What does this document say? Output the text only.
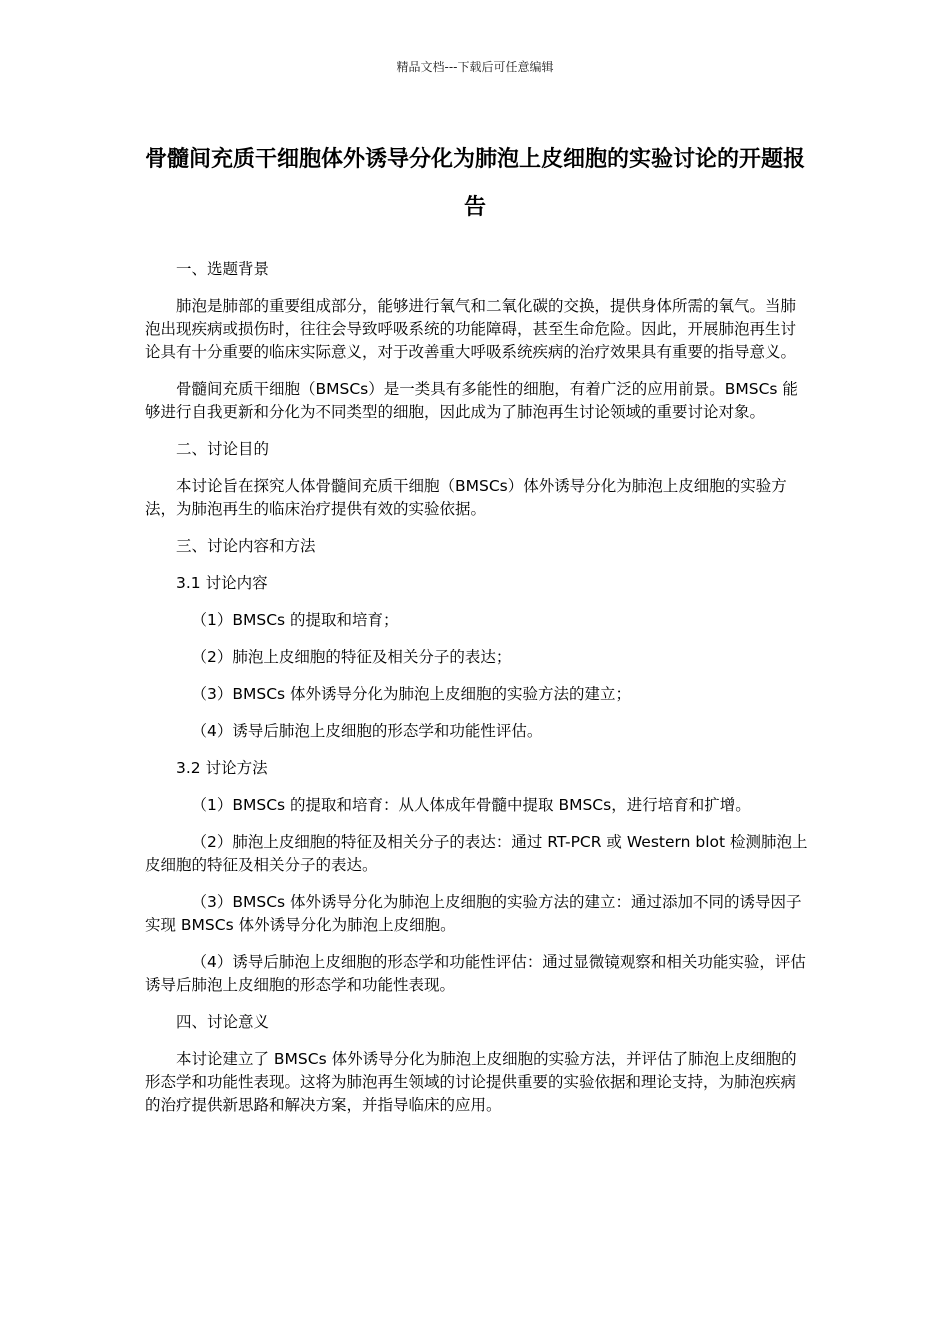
精品文档---下载后可任意编辑
骨髓间充质干细胞体外诱导分化为肺泡上皮细胞的实验讨论的开题报告

一、选题背景

肺泡是肺部的重要组成部分，能够进行氧气和二氧化碳的交换，提供身体所需的氧气。当肺泡出现疾病或损伤时，往往会导致呼吸系统的功能障碍，甚至生命危险。因此，开展肺泡再生讨论具有十分重要的临床实际意义，对于改善重大呼吸系统疾病的治疗效果具有重要的指导意义。

骨髓间充质干细胞（BMSCs）是一类具有多能性的细胞，有着广泛的应用前景。BMSCs 能够进行自我更新和分化为不同类型的细胞，因此成为了肺泡再生讨论领域的重要讨论对象。

二、讨论目的

本讨论旨在探究人体骨髓间充质干细胞（BMSCs）体外诱导分化为肺泡上皮细胞的实验方法，为肺泡再生的临床治疗提供有效的实验依据。

三、讨论内容和方法

3.1 讨论内容

（1）BMSCs 的提取和培育；

（2）肺泡上皮细胞的特征及相关分子的表达；

（3）BMSCs 体外诱导分化为肺泡上皮细胞的实验方法的建立；

（4）诱导后肺泡上皮细胞的形态学和功能性评估。

3.2 讨论方法

（1）BMSCs 的提取和培育：从人体成年骨髓中提取 BMSCs，进行培育和扩增。

（2）肺泡上皮细胞的特征及相关分子的表达：通过 RT-PCR 或 Western blot 检测肺泡上皮细胞的特征及相关分子的表达。

（3）BMSCs 体外诱导分化为肺泡上皮细胞的实验方法的建立：通过添加不同的诱导因子实现 BMSCs 体外诱导分化为肺泡上皮细胞。

（4）诱导后肺泡上皮细胞的形态学和功能性评估：通过显微镜观察和相关功能实验，评估诱导后肺泡上皮细胞的形态学和功能性表现。

四、讨论意义

本讨论建立了 BMSCs 体外诱导分化为肺泡上皮细胞的实验方法，并评估了肺泡上皮细胞的形态学和功能性表现。这将为肺泡再生领域的讨论提供重要的实验依据和理论支持，为肺泡疾病的治疗提供新思路和解决方案，并指导临床的应用。
